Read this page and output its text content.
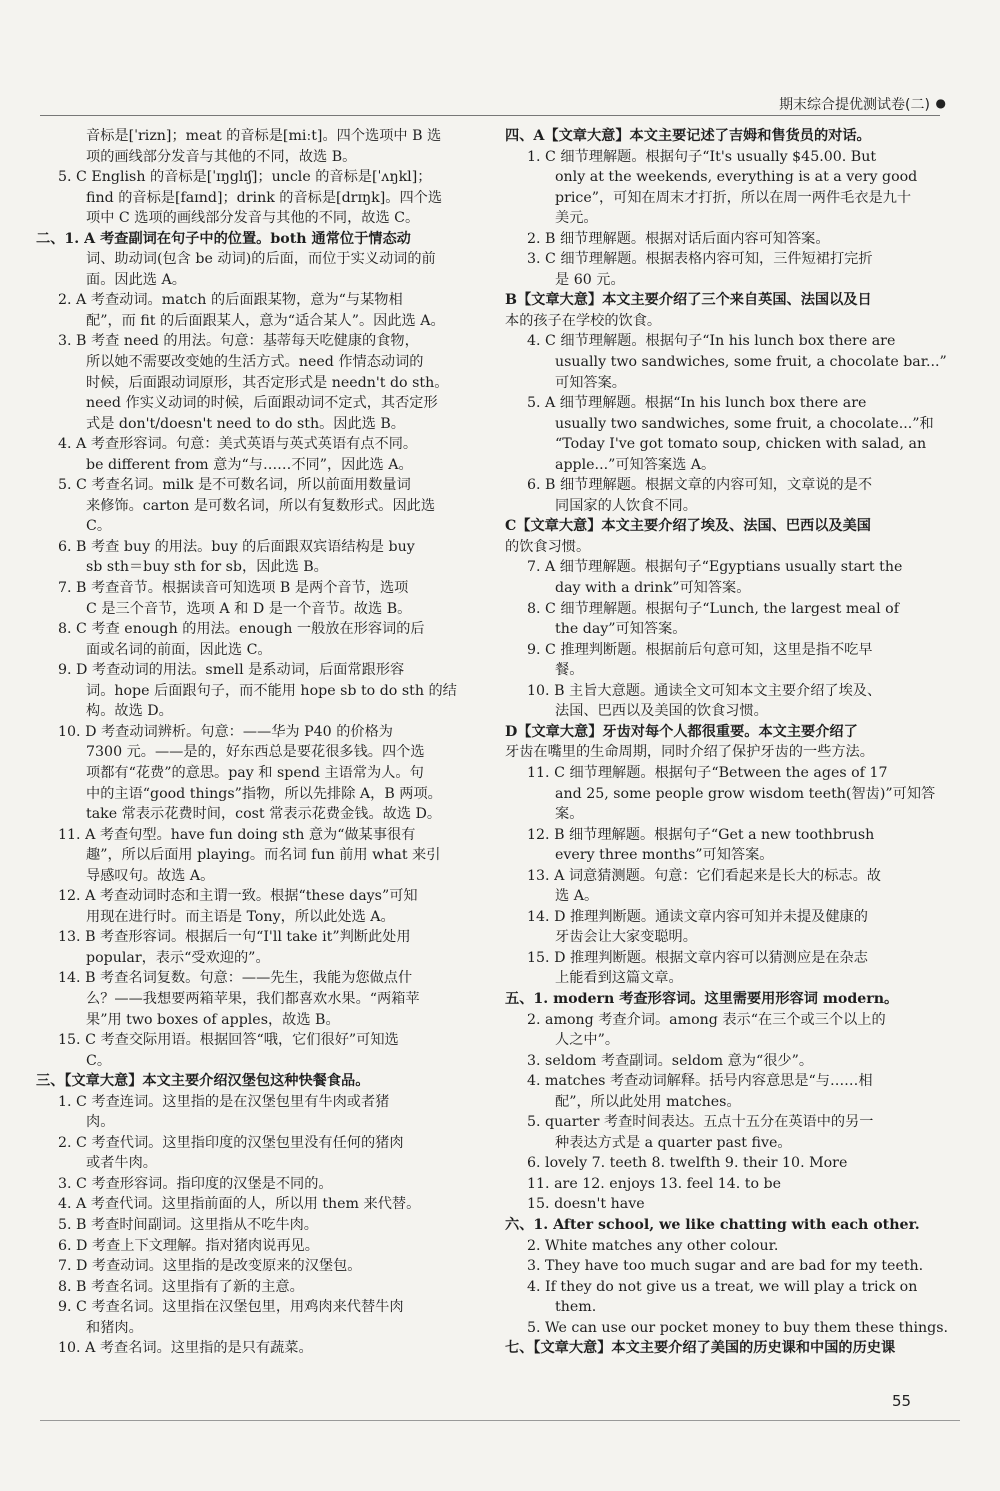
期末综合提优测试卷(二) ●
音标是[ˈrizn]；meat 的音标是[miːt]。四个选项中 B 选
项的画线部分发音与其他的不同，故选 B。
5. C English 的音标是[ˈɪŋglɪʃ]；uncle 的音标是[ˈʌŋkl]；
find 的音标是[faɪnd]；drink 的音标是[drɪŋk]。四个选
项中 C 选项的画线部分发音与其他的不同，故选 C。
二、1. A 考查副词在句子中的位置。both 通常位于情态动
词、助动词(包含 be 动词)的后面，而位于实义动词的前
面。因此选 A。
2. A 考查动词。match 的后面跟某物，意为“与某物相
配”，而 fit 的后面跟某人，意为“适合某人”。因此选 A。
3. B 考查 need 的用法。句意：基蒂每天吃健康的食物，
所以她不需要改变她的生活方式。need 作情态动词的
时候，后面跟动词原形，其否定形式是 needn't do sth。
need 作实义动词的时候，后面跟动词不定式，其否定形
式是 don't/doesn't need to do sth。因此选 B。
4. A 考查形容词。句意：美式英语与英式英语有点不同。
be different from 意为“与……不同”，因此选 A。
5. C 考查名词。milk 是不可数名词，所以前面用数量词
来修饰。carton 是可数名词，所以有复数形式。因此选
C。
6. B 考查 buy 的用法。buy 的后面跟双宾语结构是 buy
sb sth＝buy sth for sb，因此选 B。
7. B 考查音节。根据读音可知选项 B 是两个音节，选项
C 是三个音节，选项 A 和 D 是一个音节。故选 B。
8. C 考查 enough 的用法。enough 一般放在形容词的后
面或名词的前面，因此选 C。
9. D 考查动词的用法。smell 是系动词，后面常跟形容
词。hope 后面跟句子，而不能用 hope sb to do sth 的结
构。故选 D。
10. D 考查动词辨析。句意：——华为 P40 的价格为
7300 元。——是的，好东西总是要花很多钱。四个选
项都有“花费”的意思。pay 和 spend 主语常为人。句
中的主语“good things”指物，所以先排除 A，B 两项。
take 常表示花费时间，cost 常表示花费金钱。故选 D。
11. A 考查句型。have fun doing sth 意为“做某事很有
趣”，所以后面用 playing。而名词 fun 前用 what 来引
导感叹句。故选 A。
12. A 考查动词时态和主谓一致。根据“these days”可知
用现在进行时。而主语是 Tony，所以此处选 A。
13. B 考查形容词。根据后一句“I'll take it”判断此处用
popular，表示“受欢迎的”。
14. B 考查名词复数。句意：——先生，我能为您做点什
么？——我想要两箱苹果，我们都喜欢水果。“两箱苹
果”用 two boxes of apples，故选 B。
15. C 考查交际用语。根据回答“哦，它们很好”可知选
C。
三、【文章大意】本文主要介绍汉堡包这种快餐食品。
1. C 考查连词。这里指的是在汉堡包里有牛肉或者猪
肉。
2. C 考查代词。这里指印度的汉堡包里没有任何的猪肉
或者牛肉。
3. C 考查形容词。指印度的汉堡是不同的。
4. A 考查代词。这里指前面的人，所以用 them 来代替。
5. B 考查时间副词。这里指从不吃牛肉。
6. D 考查上下文理解。指对猪肉说再见。
7. D 考查动词。这里指的是改变原来的汉堡包。
8. B 考查名词。这里指有了新的主意。
9. C 考查名词。这里指在汉堡包里，用鸡肉来代替牛肉
和猪肉。
10. A 考查名词。这里指的是只有蔬菜。
四、A【文章大意】本文主要记述了吉姆和售货员的对话。
1. C 细节理解题。根据句子“It's usually $45.00. But
only at the weekends, everything is at a very good
price”，可知在周末才打折，所以在周一两件毛衣是九十
美元。
2. B 细节理解题。根据对话后面内容可知答案。
3. C 细节理解题。根据表格内容可知，三件短裙打完折
是 60 元。
B【文章大意】本文主要介绍了三个来自英国、法国以及日
本的孩子在学校的饮食。
4. C 细节理解题。根据句子“In his lunch box there are
usually two sandwiches, some fruit, a chocolate bar...”
可知答案。
5. A 细节理解题。根据“In his lunch box there are
usually two sandwiches, some fruit, a chocolate...”和
“Today I've got tomato soup, chicken with salad, an
apple...”可知答案选 A。
6. B 细节理解题。根据文章的内容可知，文章说的是不
同国家的人饮食不同。
C【文章大意】本文主要介绍了埃及、法国、巴西以及美国
的饮食习惯。
7. A 细节理解题。根据句子“Egyptians usually start the
day with a drink”可知答案。
8. C 细节理解题。根据句子“Lunch, the largest meal of
the day”可知答案。
9. C 推理判断题。根据前后句意可知，这里是指不吃早
餐。
10. B 主旨大意题。通读全文可知本文主要介绍了埃及、
法国、巴西以及美国的饮食习惯。
D【文章大意】牙齿对每个人都很重要。本文主要介绍了
牙齿在嘴里的生命周期，同时介绍了保护牙齿的一些方法。
11. C 细节理解题。根据句子“Between the ages of 17
and 25, some people grow wisdom teeth(智齿)”可知答
案。
12. B 细节理解题。根据句子“Get a new toothbrush
every three months”可知答案。
13. A 词意猜测题。句意：它们看起来是长大的标志。故
选 A。
14. D 推理判断题。通读文章内容可知并未提及健康的
牙齿会让大家变聪明。
15. D 推理判断题。根据文章内容可以猜测应是在杂志
上能看到这篇文章。
五、1. modern 考查形容词。这里需要用形容词 modern。
2. among 考查介词。among 表示“在三个或三个以上的
人之中”。
3. seldom 考查副词。seldom 意为“很少”。
4. matches 考查动词解释。括号内容意思是“与……相
配”，所以此处用 matches。
5. quarter 考查时间表达。五点十五分在英语中的另一
种表达方式是 a quarter past five。
6. lovely 7. teeth 8. twelfth 9. their 10. More
11. are 12. enjoys 13. feel 14. to be
15. doesn't have
六、1. After school, we like chatting with each other.
2. White matches any other colour.
3. They have too much sugar and are bad for my teeth.
4. If they do not give us a treat, we will play a trick on
them.
5. We can use our pocket money to buy them these things.
七、【文章大意】本文主要介绍了美国的历史课和中国的历史课
55
